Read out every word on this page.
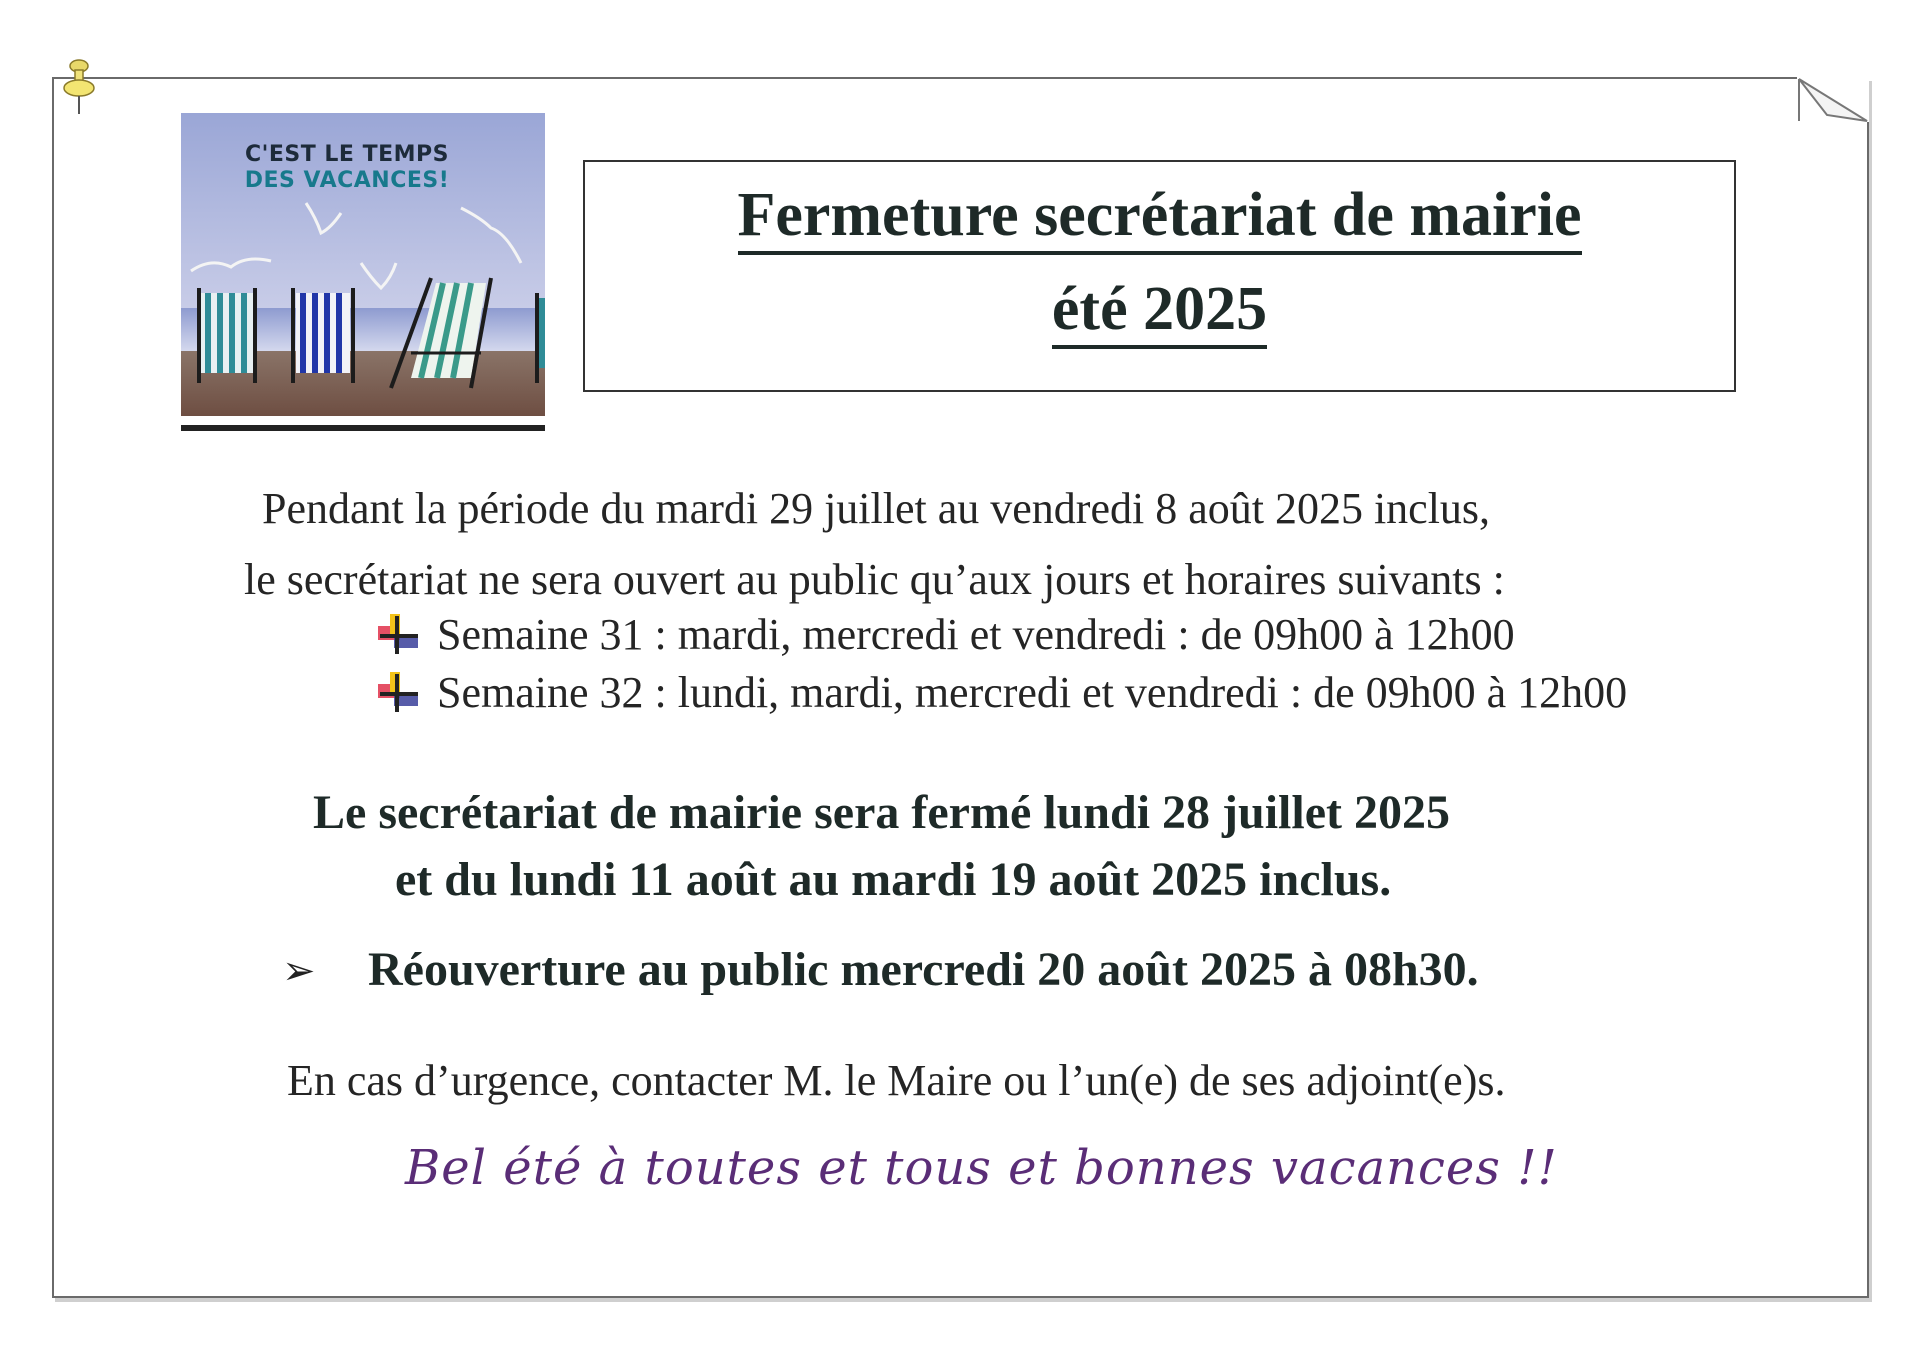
C'EST LE TEMPS
DES VACANCES!
Fermeture secrétariat de mairie
été 2025
Pendant la période du mardi 29 juillet au vendredi 8 août 2025 inclus,
le secrétariat ne sera ouvert au public qu’aux jours et horaires suivants :
Semaine 31 : mardi, mercredi et vendredi : de 09h00 à 12h00
Semaine 32 : lundi, mardi, mercredi et vendredi : de 09h00 à 12h00
Le secrétariat de mairie sera fermé lundi 28 juillet 2025
et du lundi 11 août au mardi 19 août 2025 inclus.
➢ Réouverture au public mercredi 20 août 2025 à 08h30.
En cas d’urgence, contacter M. le Maire ou l’un(e) de ses adjoint(e)s.
Bel été à toutes et tous et bonnes vacances !!
